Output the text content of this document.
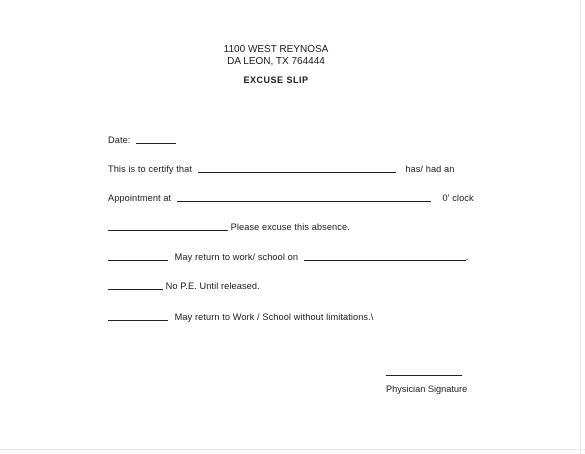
1100 WEST REYNOSA
DA LEON, TX 764444
EXCUSE SLIP
Date:
This is to certify that	has/ had an
Appointment at	0' clock
Please excuse this absence.
May return to work/ school on	.
No P.E. Until released.
May return to Work / School without limitations.\
Physician Signature
